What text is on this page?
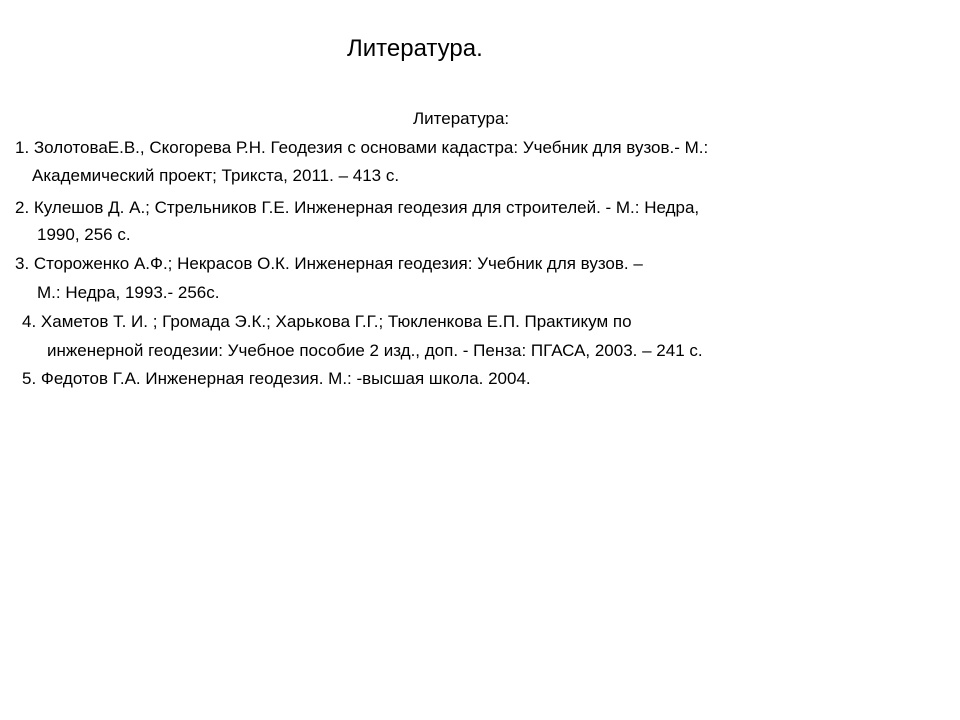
Литература.
Литература:
1. ЗолотоваЕ.В., Скогорева Р.Н. Геодезия с основами кадастра: Учебник для вузов.- М.:
Академический проект; Трикста, 2011. – 413 с.
2. Кулешов Д. А.; Стрельников Г.Е. Инженерная геодезия для строителей. - М.: Недра,
1990, 256 с.
3. Стороженко А.Ф.; Некрасов О.К. Инженерная геодезия: Учебник для вузов. –
М.: Недра, 1993.- 256с.
4. Хаметов Т. И. ; Громада Э.К.; Харькова Г.Г.; Тюкленкова Е.П. Практикум по
инженерной геодезии: Учебное пособие 2 изд., доп. - Пенза: ПГАСА, 2003. – 241 с.
5. Федотов Г.А. Инженерная геодезия. М.: -высшая школа. 2004.
